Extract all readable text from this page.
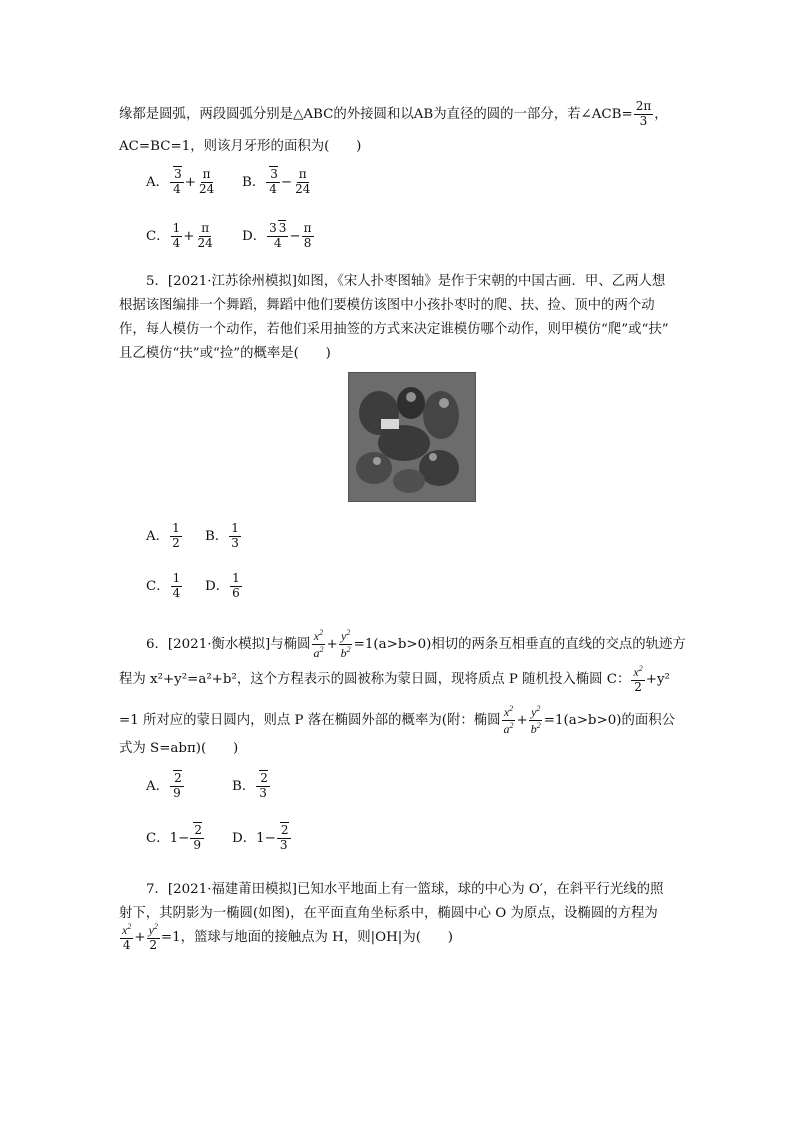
缘都是圆弧，两段圆弧分别是△ABC的外接圆和以AB为直径的圆的一部分，若∠ACB= $\frac{2\pi}{3}$ ，
AC=BC=1，则该月牙形的面积为(　　)
A． $\frac{3}{4} + \frac{\pi}{24}$ B． $\frac{3}{4} - \frac{\pi}{24}$
C． $\frac{1}{4} + \frac{\pi}{24}$ D． $\frac{3 3}{4} - \frac{\pi}{8}$
5．[2021·江苏徐州模拟]如图，《宋人扑枣图轴》是作于宋朝的中国古画．甲、乙两人想
根据该图编排一个舞蹈，舞蹈中他们要模仿该图中小孩扑枣时的爬、扶、捡、顶中的两个动
作，每人模仿一个动作，若他们采用抽签的方式来决定谁模仿哪个动作，则甲模仿“爬”或“扶”
且乙模仿“扶”或“捡”的概率是(　　)
A． $\frac{1}{2}$ B． $\frac{1}{3}$
C． $\frac{1}{4}$ D． $\frac{1}{6}$
6．[2021·衡水模拟]与椭圆 $\frac{x^2}{a^2} + \frac{y^2}{b^2} =1(a>b>0)$相切的两条互相垂直的直线的交点的轨迹方
程为 x²+y²=a²+b²，这个方程表示的圆被称为蒙日圆，现将质点 P 随机投入椭圆 C： $\frac{x^2}{2} +y^2$
=1 所对应的蒙日圆内，则点 P 落在椭圆外部的概率为(附：椭圆 $\frac{x^2}{a^2} + \frac{y^2}{b^2} =1(a>b>0)$的面积公
式为 S=abπ)(　　)
A． $\frac{2}{9}$	B． $\frac{2}{3}$
C．$1- \frac{2}{9}$ D．$1- \frac{2}{3}$
7．[2021·福建莆田模拟]已知水平地面上有一篮球，球的中心为 O′，在斜平行光线的照
射下，其阴影为一椭圆(如图)，在平面直角坐标系中，椭圆中心 O 为原点，设椭圆的方程为
$\frac{x^2}{4} + \frac{y^2}{2} =1$，篮球与地面的接触点为 H，则|OH|为(　　)
